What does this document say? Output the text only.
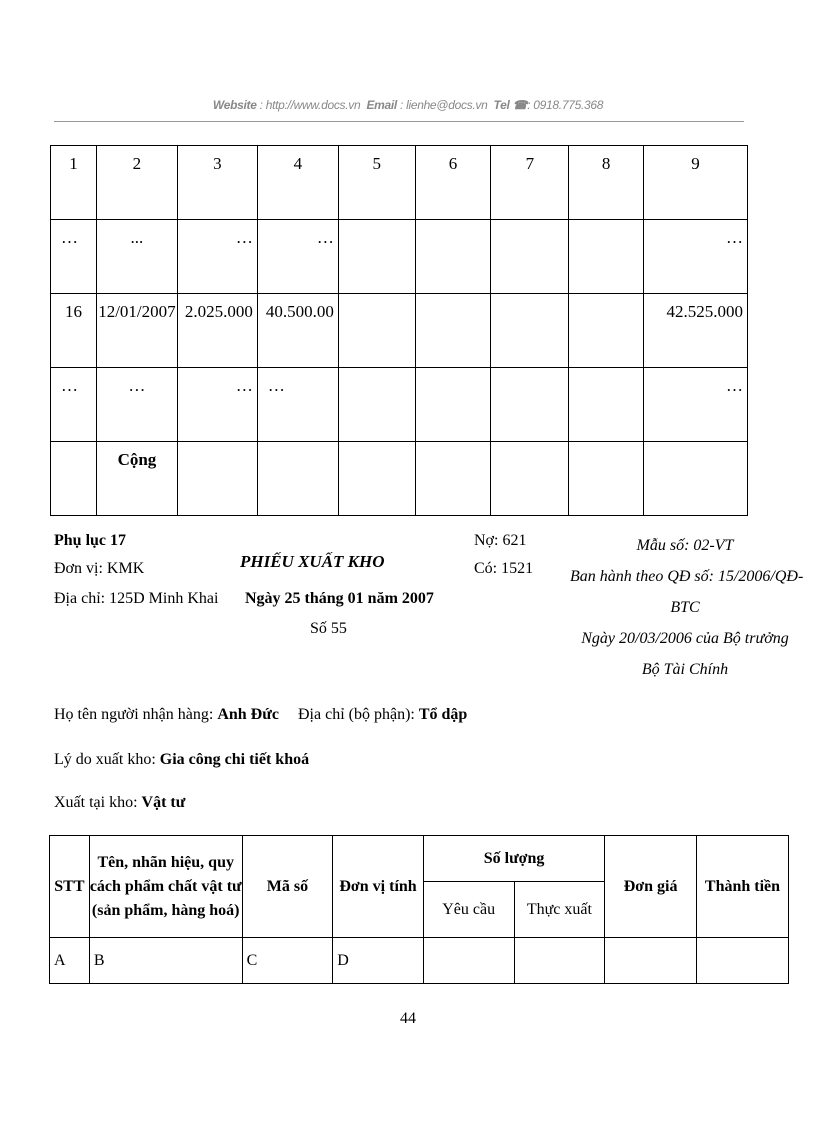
Website : http://www.docs.vn Email : lienhe@docs.vn Tel ☎: 0918.775.368
1	2	3	4	5	6	7	8	9
…	...	…	…					…
16	12/01/2007	2.025.000	40.500.00					42.525.000
…	…	…	…					…
	Cộng							
Phụ lục 17
Đơn vị: KMK
Địa chỉ: 125D Minh Khai
PHIẾU XUẤT KHO
Ngày 25 tháng 01 năm 2007
Số 55
Nợ: 621
Có: 1521
Mẫu số: 02-VT
Ban hành theo QĐ số: 15/2006/QĐ-
BTC
Ngày 20/03/2006 của Bộ trưởng
Bộ Tài Chính
Họ tên người nhận hàng: Anh Đức Địa chỉ (bộ phận): Tổ dập
Lý do xuất kho: Gia công chi tiết khoá
Xuất tại kho: Vật tư
STT	Tên, nhãn hiệu, quy
cách phẩm chất vật tư
(sản phẩm, hàng hoá)	Mã số	Đơn vị tính	Số lượng		Đơn giá	Thành tiền
				Yêu cầu	Thực xuất		
A	B	C	D				
44
